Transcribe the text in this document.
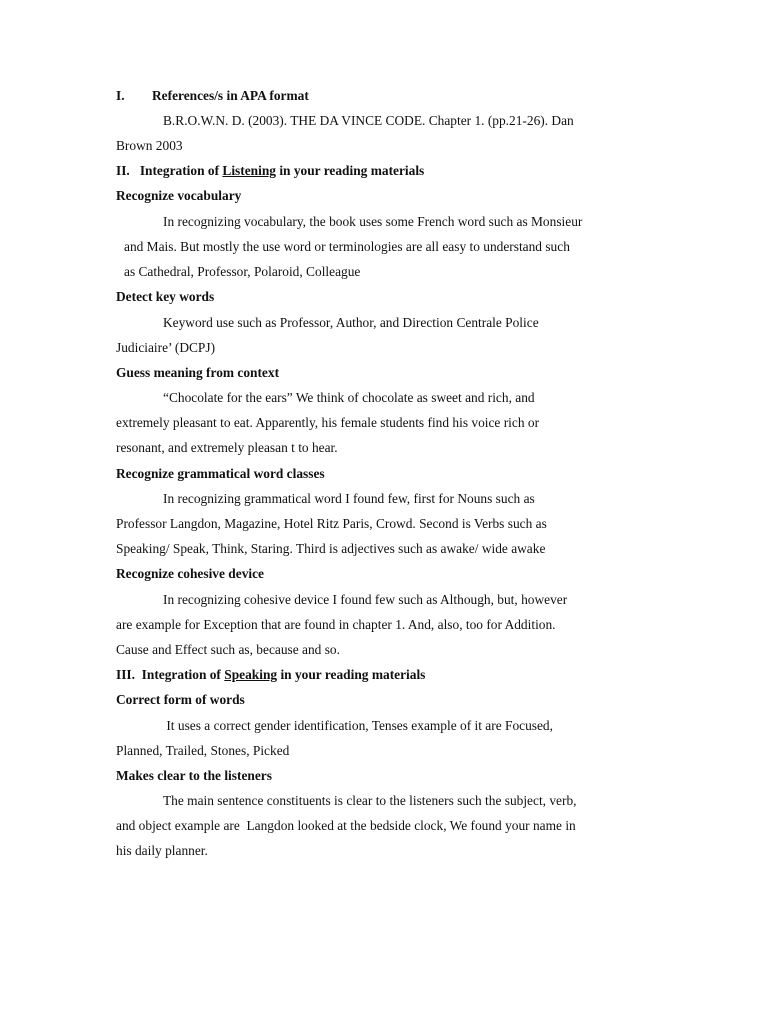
I. References/s in APA format
B.R.O.W.N. D. (2003). THE DA VINCE CODE. Chapter 1. (pp.21-26). Dan
Brown 2003
II.   Integration of Listening in your reading materials
Recognize vocabulary
In recognizing vocabulary, the book uses some French word such as Monsieur
and Mais. But mostly the use word or terminologies are all easy to understand such
as Cathedral, Professor, Polaroid, Colleague
Detect key words
Keyword use such as Professor, Author, and Direction Centrale Police
Judiciaire’ (DCPJ)
Guess meaning from context
“Chocolate for the ears” We think of chocolate as sweet and rich, and
extremely pleasant to eat. Apparently, his female students find his voice rich or
resonant, and extremely pleasan t to hear.
Recognize grammatical word classes
In recognizing grammatical word I found few, first for Nouns such as
Professor Langdon, Magazine, Hotel Ritz Paris, Crowd. Second is Verbs such as
Speaking/ Speak, Think, Staring. Third is adjectives such as awake/ wide awake
Recognize cohesive device
In recognizing cohesive device I found few such as Although, but, however
are example for Exception that are found in chapter 1. And, also, too for Addition.
Cause and Effect such as, because and so.
III.  Integration of Speaking in your reading materials
Correct form of words
It uses a correct gender identification, Tenses example of it are Focused,
Planned, Trailed, Stones, Picked
Makes clear to the listeners
The main sentence constituents is clear to the listeners such the subject, verb,
and object example are  Langdon looked at the bedside clock, We found your name in
his daily planner.
